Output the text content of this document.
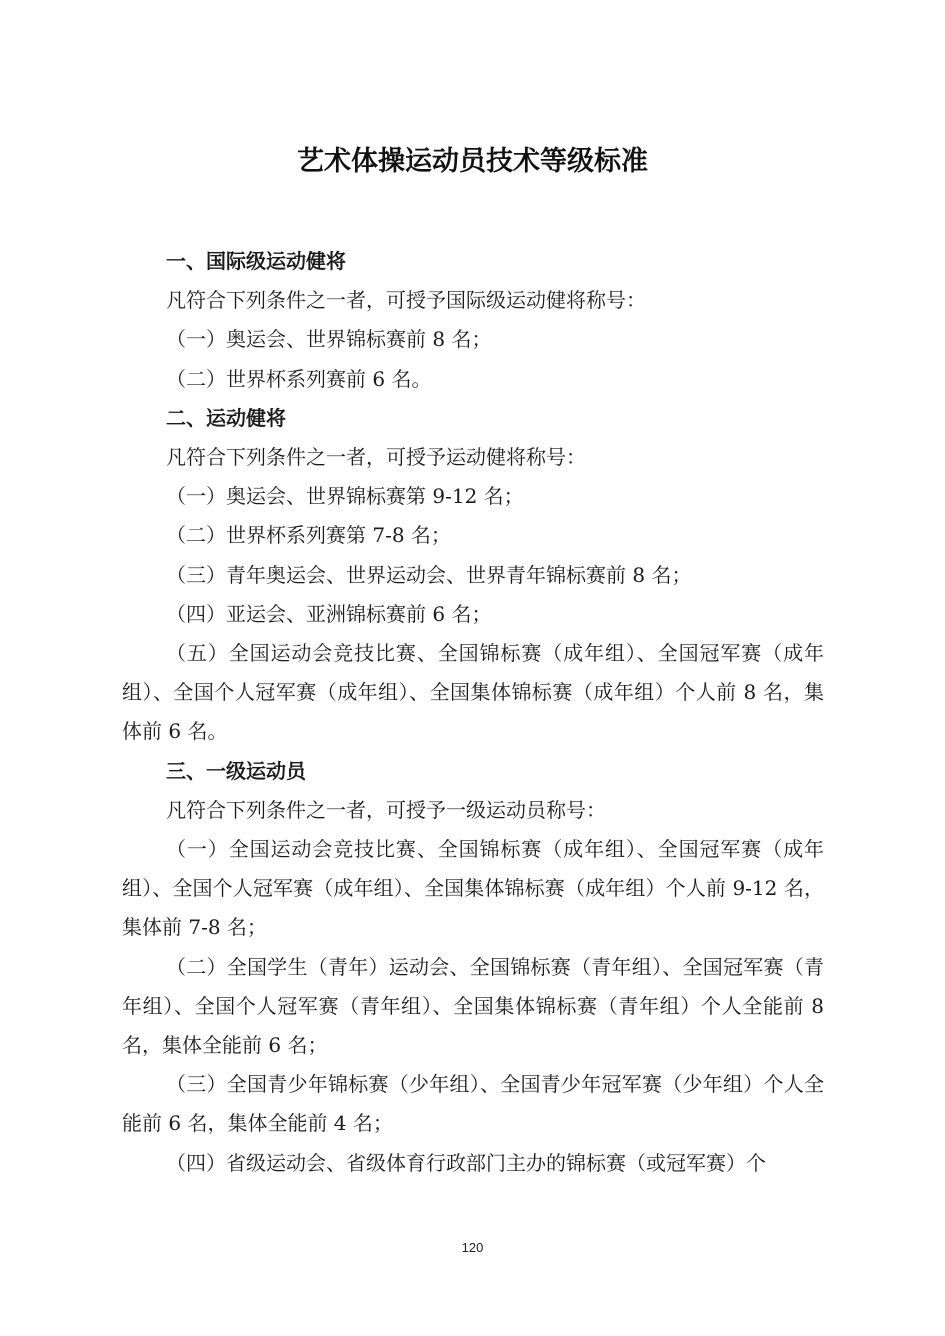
艺术体操运动员技术等级标准

一、国际级运动健将

凡符合下列条件之一者，可授予国际级运动健将称号：

（一）奥运会、世界锦标赛前 8 名；

（二）世界杯系列赛前 6 名。

二、运动健将

凡符合下列条件之一者，可授予运动健将称号：

（一）奥运会、世界锦标赛第 9-12 名；

（二）世界杯系列赛第 7-8 名；

（三）青年奥运会、世界运动会、世界青年锦标赛前 8 名；

（四）亚运会、亚洲锦标赛前 6 名；

（五）全国运动会竞技比赛、全国锦标赛（成年组）、全国冠军赛（成年组）、全国个人冠军赛（成年组）、全国集体锦标赛（成年组）个人前 8 名，集体前 6 名。

三、一级运动员

凡符合下列条件之一者，可授予一级运动员称号：

（一）全国运动会竞技比赛、全国锦标赛（成年组）、全国冠军赛（成年组）、全国个人冠军赛（成年组）、全国集体锦标赛（成年组）个人前 9-12 名，集体前 7-8 名；

（二）全国学生（青年）运动会、全国锦标赛（青年组）、全国冠军赛（青年组）、全国个人冠军赛（青年组）、全国集体锦标赛（青年组）个人全能前 8 名，集体全能前 6 名；

（三）全国青少年锦标赛（少年组）、全国青少年冠军赛（少年组）个人全能前 6 名，集体全能前 4 名；

（四）省级运动会、省级体育行政部门主办的锦标赛（或冠军赛）个

120
